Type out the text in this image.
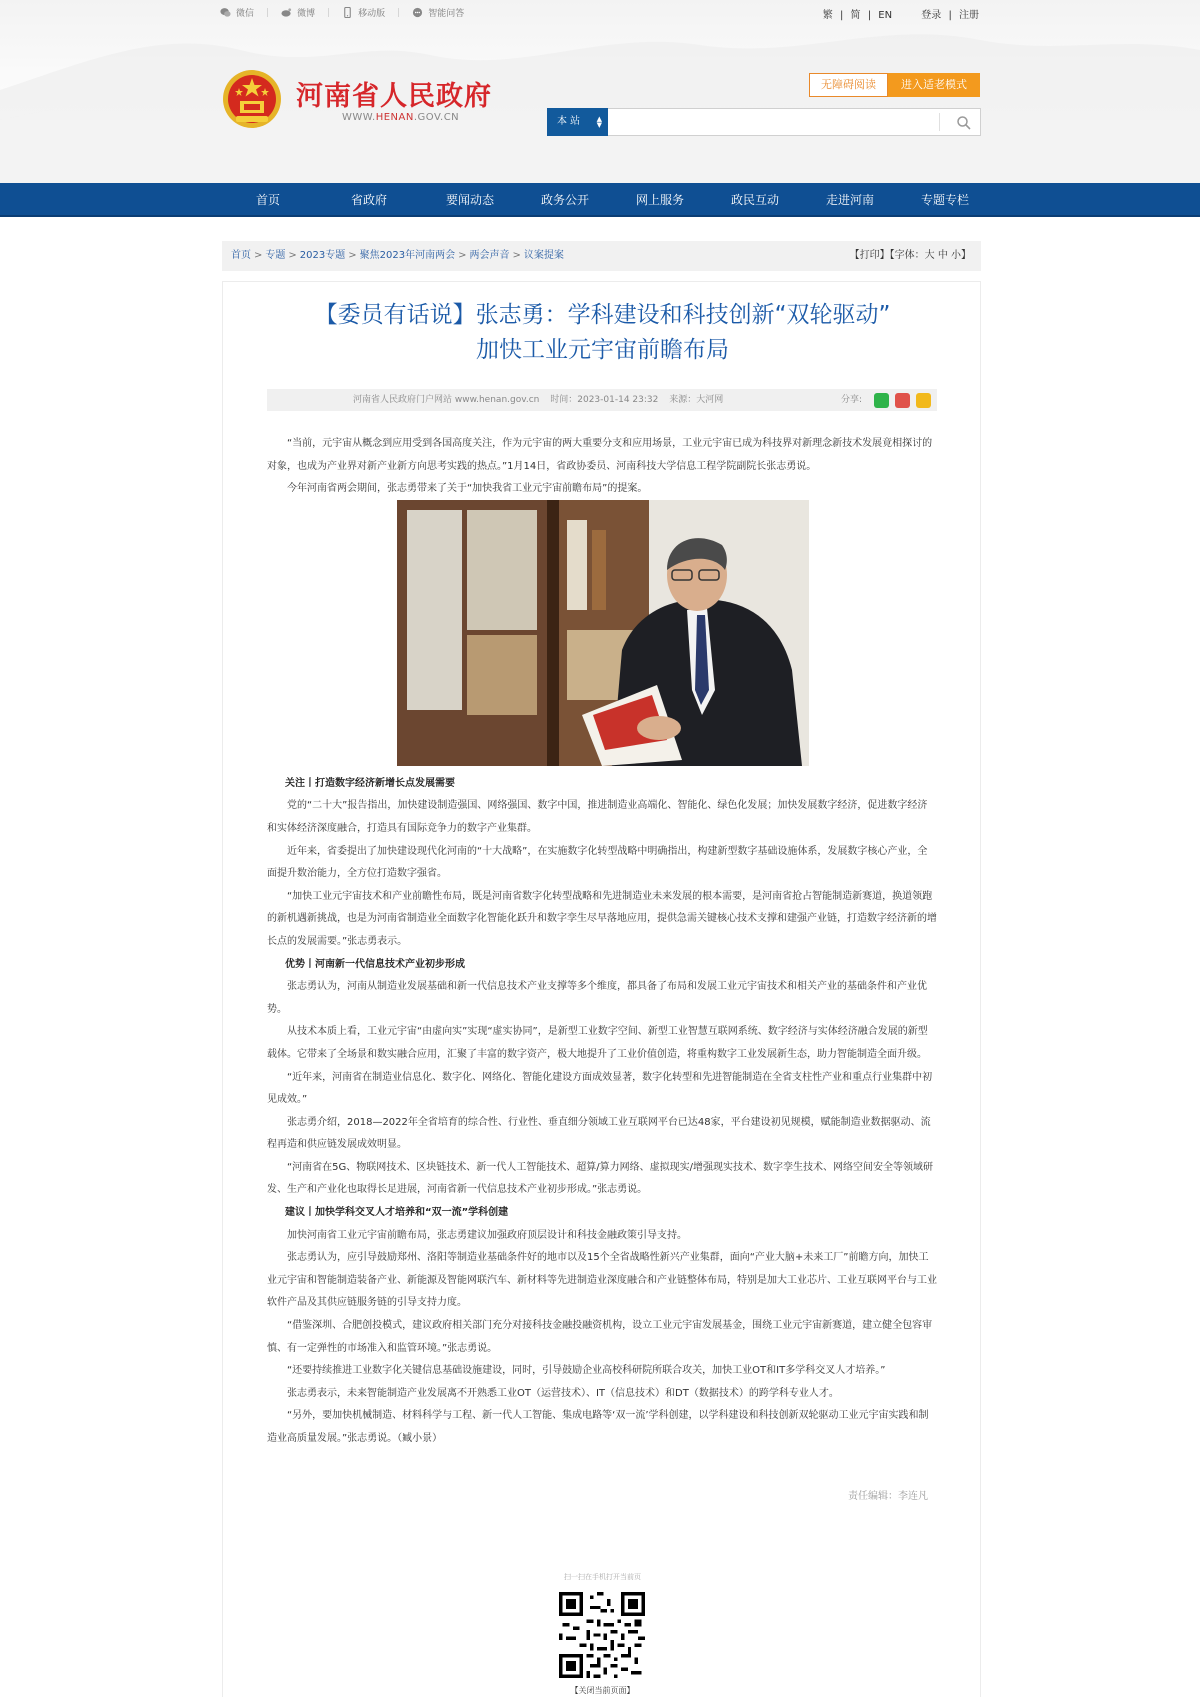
微信 |	微博 |	移动版 |	智能问答	繁 | 简 | EN	登录 | 注册
河南省人民政府
WWW.HENAN.GOV.CN
无障碍阅读	进入适老模式
本站 ▲
▼
首页	省政府	要闻动态	政务公开	网上服务	政民互动	走进河南	专题专栏
首页 > 专题 > 2023专题 > 聚焦2023年河南两会 > 两会声音 > 议案提案	【打印】【字体：大 中 小】
【委员有话说】张志勇：学科建设和科技创新“双轮驱动”
加快工业元宇宙前瞻布局
河南省人民政府门户网站 www.henan.gov.cn 时间：2023-01-14 23:32 来源：大河网	分享:

“当前，元宇宙从概念到应用受到各国高度关注，作为元宇宙的两大重要分支和应用场景，工业元宇宙已成为科技界对新理念新技术发展竟相探讨的对象，也成为产业界对新产业新方向思考实践的热点。”1月14日，省政协委员、河南科技大学信息工程学院副院长张志勇说。

今年河南省两会期间，张志勇带来了关于“加快我省工业元宇宙前瞻布局”的提案。

关注丨打造数字经济新增长点发展需要

党的“二十大”报告指出，加快建设制造强国、网络强国、数字中国，推进制造业高端化、智能化、绿色化发展；加快发展数字经济，促进数字经济和实体经济深度融合，打造具有国际竞争力的数字产业集群。

近年来，省委提出了加快建设现代化河南的“十大战略”，在实施数字化转型战略中明确指出，构建新型数字基础设施体系，发展数字核心产业，全面提升数治能力，全方位打造数字强省。

“加快工业元宇宙技术和产业前瞻性布局，既是河南省数字化转型战略和先进制造业未来发展的根本需要，是河南省抢占智能制造新赛道，换道领跑的新机遇新挑战，也是为河南省制造业全面数字化智能化跃升和数字孪生尽早落地应用，提供急需关键核心技术支撑和建强产业链，打造数字经济新的增长点的发展需要。”张志勇表示。

优势丨河南新一代信息技术产业初步形成

张志勇认为，河南从制造业发展基础和新一代信息技术产业支撑等多个维度，都具备了布局和发展工业元宇宙技术和相关产业的基础条件和产业优势。

从技术本质上看，工业元宇宙“由虚向实”实现“虚实协同”，是新型工业数字空间、新型工业智慧互联网系统、数字经济与实体经济融合发展的新型载体。它带来了全场景和数实融合应用，汇聚了丰富的数字资产，极大地提升了工业价值创造，将重构数字工业发展新生态，助力智能制造全面升级。

“近年来，河南省在制造业信息化、数字化、网络化、智能化建设方面成效显著，数字化转型和先进智能制造在全省支柱性产业和重点行业集群中初见成效。”

张志勇介绍，2018—2022年全省培育的综合性、行业性、垂直细分领域工业互联网平台已达48家，平台建设初见规模，赋能制造业数据驱动、流程再造和供应链发展成效明显。

“河南省在5G、物联网技术、区块链技术、新一代人工智能技术、超算/算力网络、虚拟现实/增强现实技术、数字孪生技术、网络空间安全等领域研发、生产和产业化也取得长足进展，河南省新一代信息技术产业初步形成。”张志勇说。

建议丨加快学科交叉人才培养和“双一流”学科创建

加快河南省工业元宇宙前瞻布局，张志勇建议加强政府顶层设计和科技金融政策引导支持。

张志勇认为，应引导鼓励郑州、洛阳等制造业基础条件好的地市以及15个全省战略性新兴产业集群，面向“产业大脑+未来工厂”前瞻方向，加快工业元宇宙和智能制造装备产业、新能源及智能网联汽车、新材料等先进制造业深度融合和产业链整体布局，特别是加大工业芯片、工业互联网平台与工业软件产品及其供应链服务链的引导支持力度。

“借鉴深圳、合肥创投模式，建议政府相关部门充分对接科技金融投融资机构，设立工业元宇宙发展基金，围绕工业元宇宙新赛道，建立健全包容审慎、有一定弹性的市场准入和监管环境。”张志勇说。

“还要持续推进工业数字化关键信息基础设施建设，同时，引导鼓励企业高校科研院所联合攻关，加快工业OT和IT多学科交叉人才培养。”

张志勇表示，未来智能制造产业发展离不开熟悉工业OT（运营技术）、IT（信息技术）和DT（数据技术）的跨学科专业人才。

“另外，要加快机械制造、材料科学与工程、新一代人工智能、集成电路等‘双一流’学科创建，以学科建设和科技创新双轮驱动工业元宇宙实践和制造业高质量发展。”张志勇说。（臧小景）

责任编辑：李连凡
扫一扫在手机打开当前页
【关闭当前页面】
